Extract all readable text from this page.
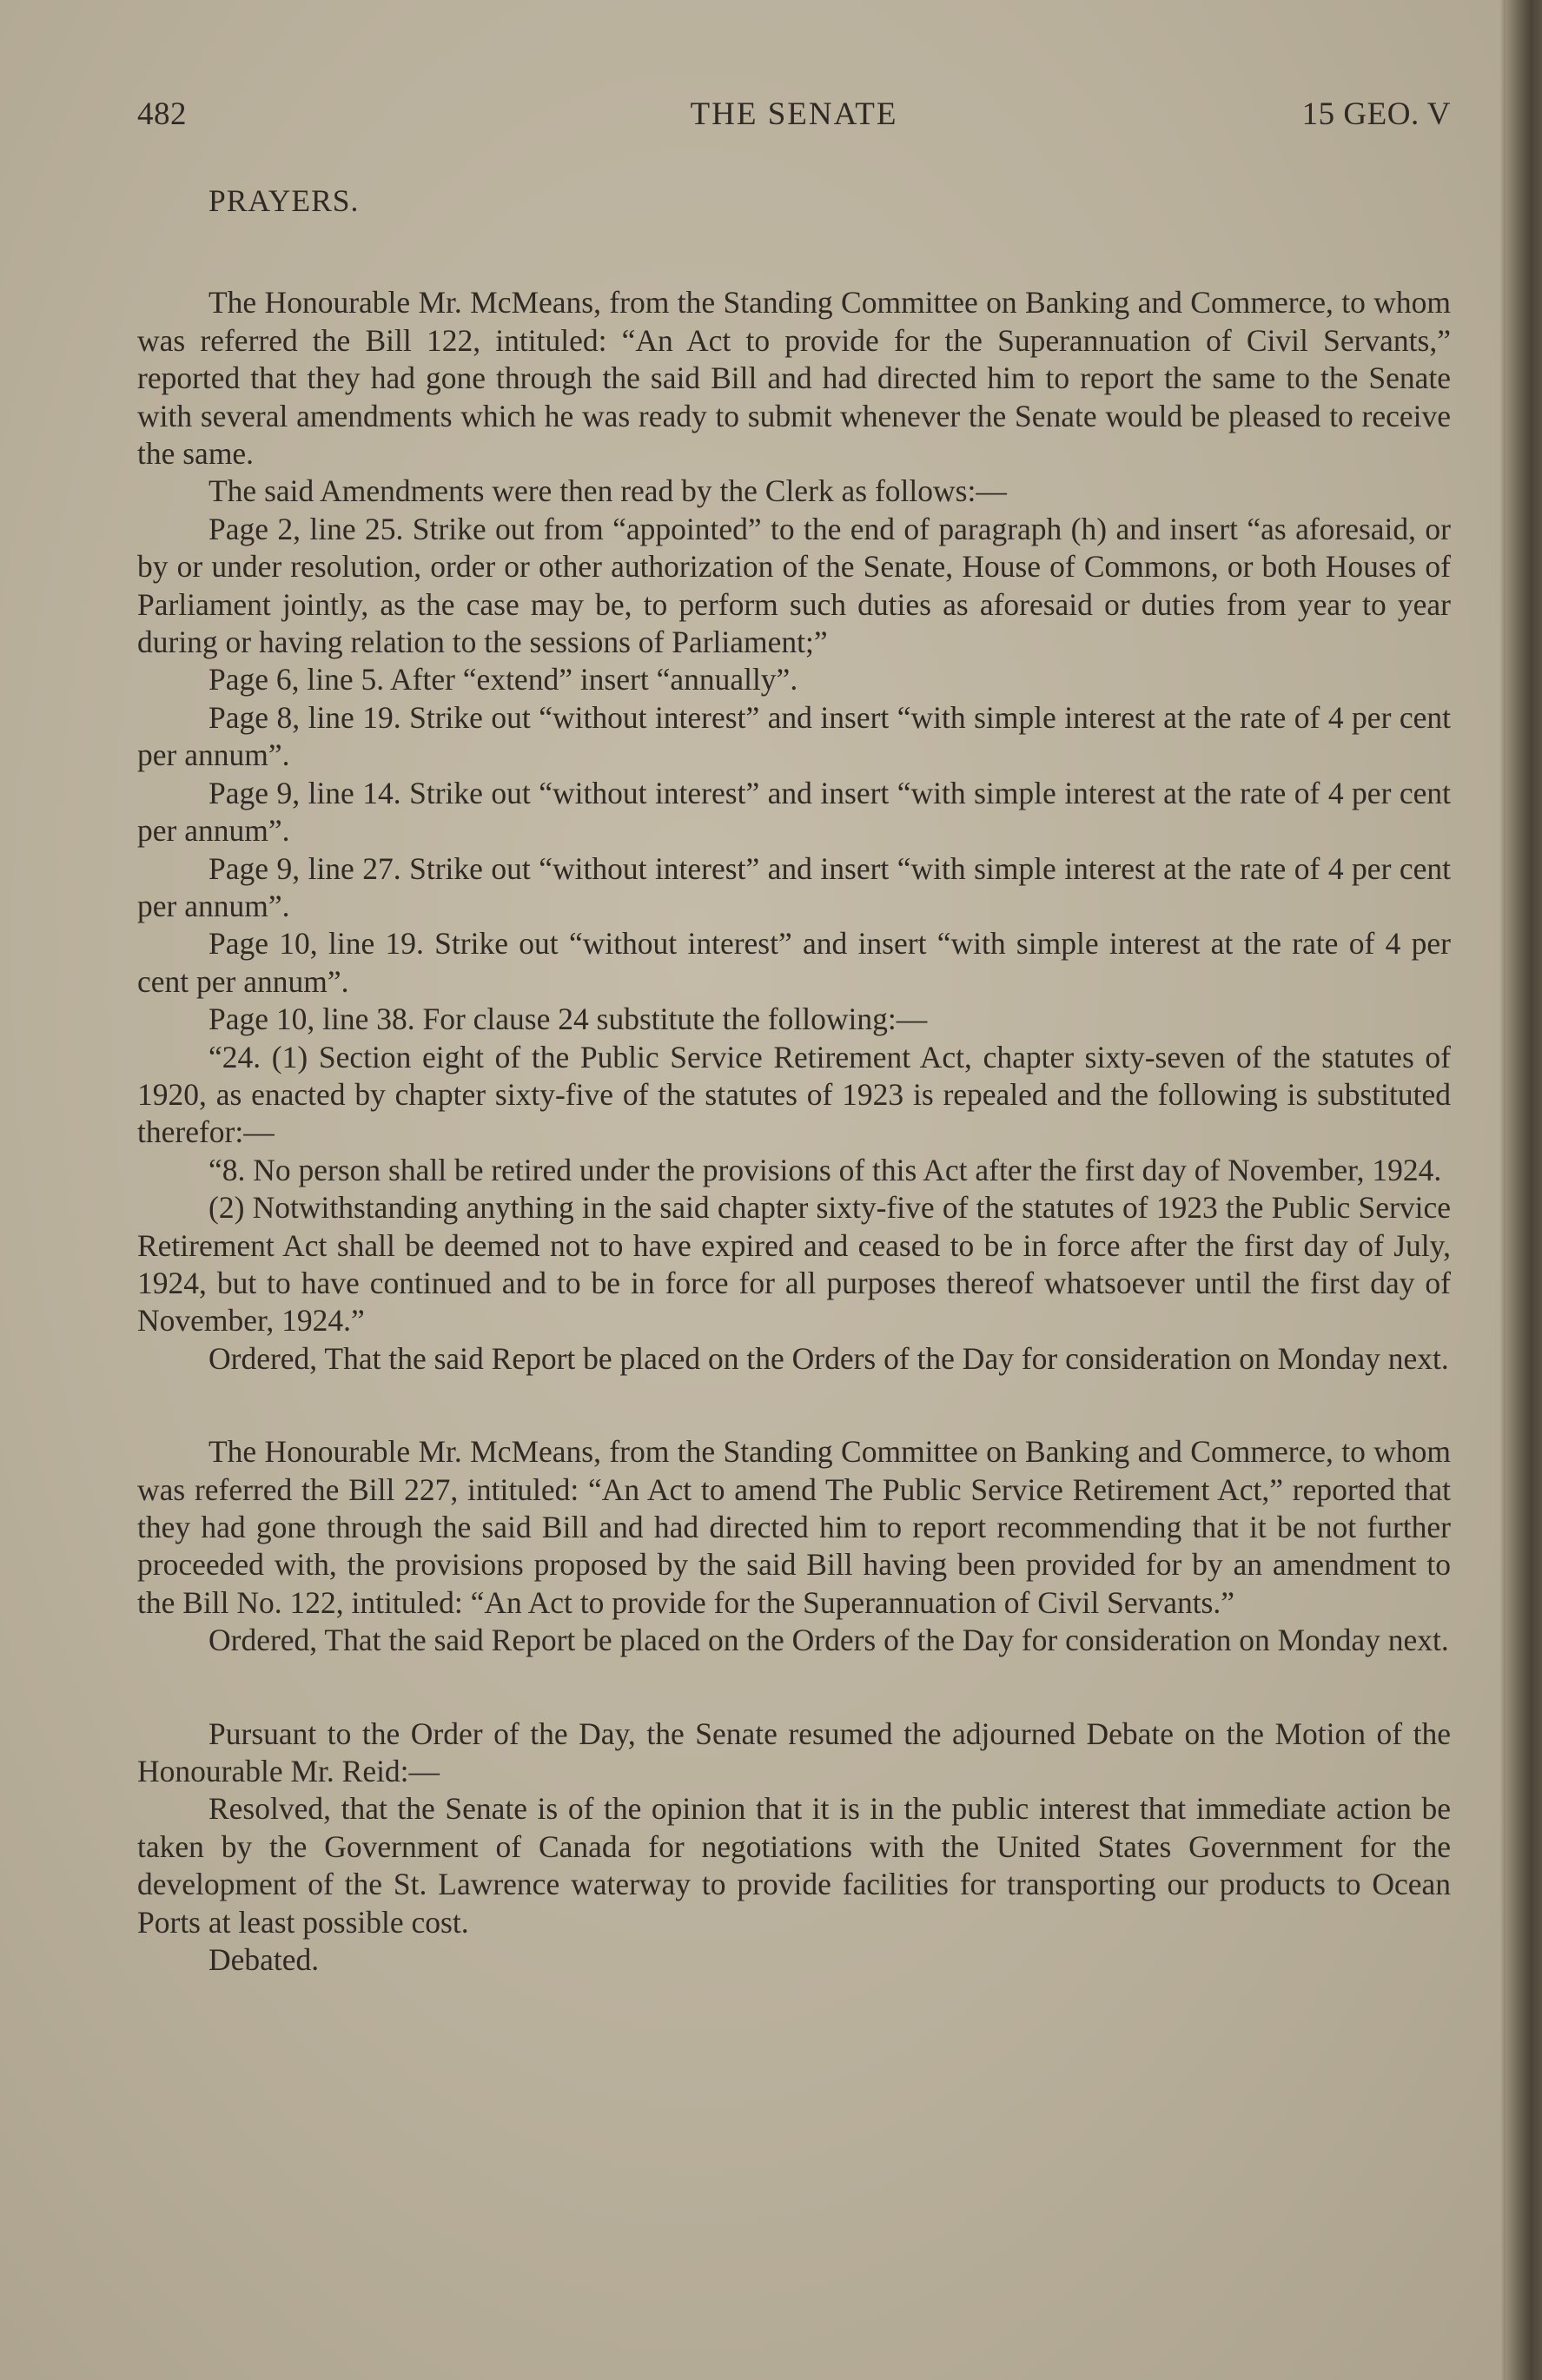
482	THE SENATE	15 GEO. V
PRAYERS.

The Honourable Mr. McMeans, from the Standing Committee on Banking and Commerce, to whom was referred the Bill 122, intituled: “An Act to provide for the Superannuation of Civil Servants,” reported that they had gone through the said Bill and had directed him to report the same to the Senate with several amendments which he was ready to submit whenever the Senate would be pleased to receive the same.

The said Amendments were then read by the Clerk as follows:—

Page 2, line 25. Strike out from “appointed” to the end of paragraph (h) and insert “as aforesaid, or by or under resolution, order or other authorization of the Senate, House of Commons, or both Houses of Parliament jointly, as the case may be, to perform such duties as aforesaid or duties from year to year during or having relation to the sessions of Parliament;”

Page 6, line 5. After “extend” insert “annually”.

Page 8, line 19. Strike out “without interest” and insert “with simple interest at the rate of 4 per cent per annum”.

Page 9, line 14. Strike out “without interest” and insert “with simple interest at the rate of 4 per cent per annum”.

Page 9, line 27. Strike out “without interest” and insert “with simple interest at the rate of 4 per cent per annum”.

Page 10, line 19. Strike out “without interest” and insert “with simple interest at the rate of 4 per cent per annum”.

Page 10, line 38. For clause 24 substitute the following:—

“24. (1) Section eight of the Public Service Retirement Act, chapter sixty-seven of the statutes of 1920, as enacted by chapter sixty-five of the statutes of 1923 is repealed and the following is substituted therefor:—

“8. No person shall be retired under the provisions of this Act after the first day of November, 1924.

(2) Notwithstanding anything in the said chapter sixty-five of the statutes of 1923 the Public Service Retirement Act shall be deemed not to have expired and ceased to be in force after the first day of July, 1924, but to have continued and to be in force for all purposes thereof whatsoever until the first day of November, 1924.”

Ordered, That the said Report be placed on the Orders of the Day for consideration on Monday next.

The Honourable Mr. McMeans, from the Standing Committee on Banking and Commerce, to whom was referred the Bill 227, intituled: “An Act to amend The Public Service Retirement Act,” reported that they had gone through the said Bill and had directed him to report recommending that it be not further proceeded with, the provisions proposed by the said Bill having been provided for by an amendment to the Bill No. 122, intituled: “An Act to provide for the Superannuation of Civil Servants.”

Ordered, That the said Report be placed on the Orders of the Day for consideration on Monday next.

Pursuant to the Order of the Day, the Senate resumed the adjourned Debate on the Motion of the Honourable Mr. Reid:—

Resolved, that the Senate is of the opinion that it is in the public interest that immediate action be taken by the Government of Canada for negotiations with the United States Government for the development of the St. Lawrence waterway to provide facilities for transporting our products to Ocean Ports at least possible cost.

Debated.
